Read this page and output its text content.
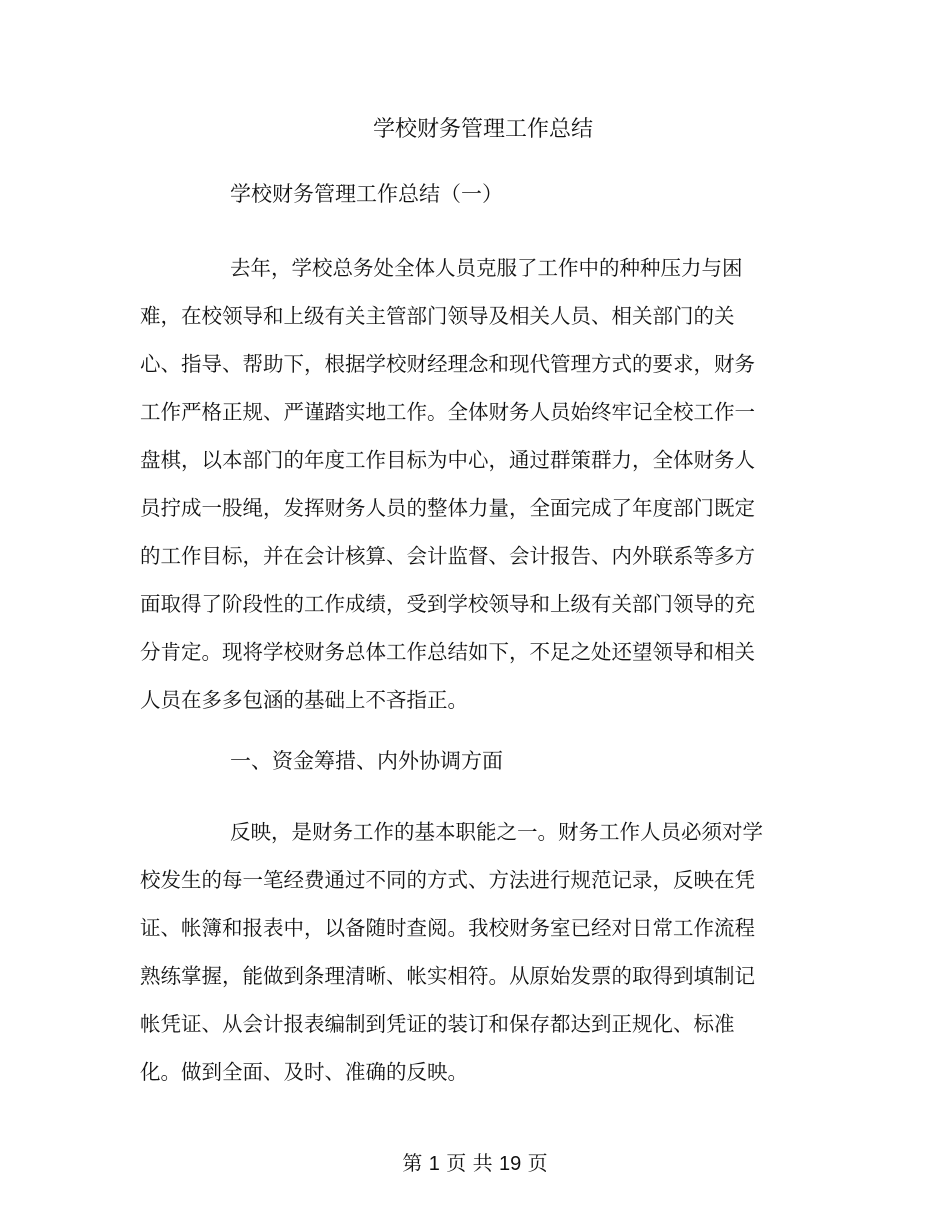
学校财务管理工作总结
学校财务管理工作总结（一）
去年，学校总务处全体人员克服了工作中的种种压力与困
难，在校领导和上级有关主管部门领导及相关人员、相关部门的关
心、指导、帮助下，根据学校财经理念和现代管理方式的要求，财务
工作严格正规、严谨踏实地工作。全体财务人员始终牢记全校工作一
盘棋，以本部门的年度工作目标为中心，通过群策群力，全体财务人
员拧成一股绳，发挥财务人员的整体力量，全面完成了年度部门既定
的工作目标，并在会计核算、会计监督、会计报告、内外联系等多方
面取得了阶段性的工作成绩，受到学校领导和上级有关部门领导的充
分肯定。现将学校财务总体工作总结如下，不足之处还望领导和相关
人员在多多包涵的基础上不吝指正。
一、资金筹措、内外协调方面
反映，是财务工作的基本职能之一。财务工作人员必须对学
校发生的每一笔经费通过不同的方式、方法进行规范记录，反映在凭
证、帐簿和报表中，以备随时查阅。我校财务室已经对日常工作流程
熟练掌握，能做到条理清晰、帐实相符。从原始发票的取得到填制记
帐凭证、从会计报表编制到凭证的装订和保存都达到正规化、标准
化。做到全面、及时、准确的反映。
第 1 页 共 19 页
